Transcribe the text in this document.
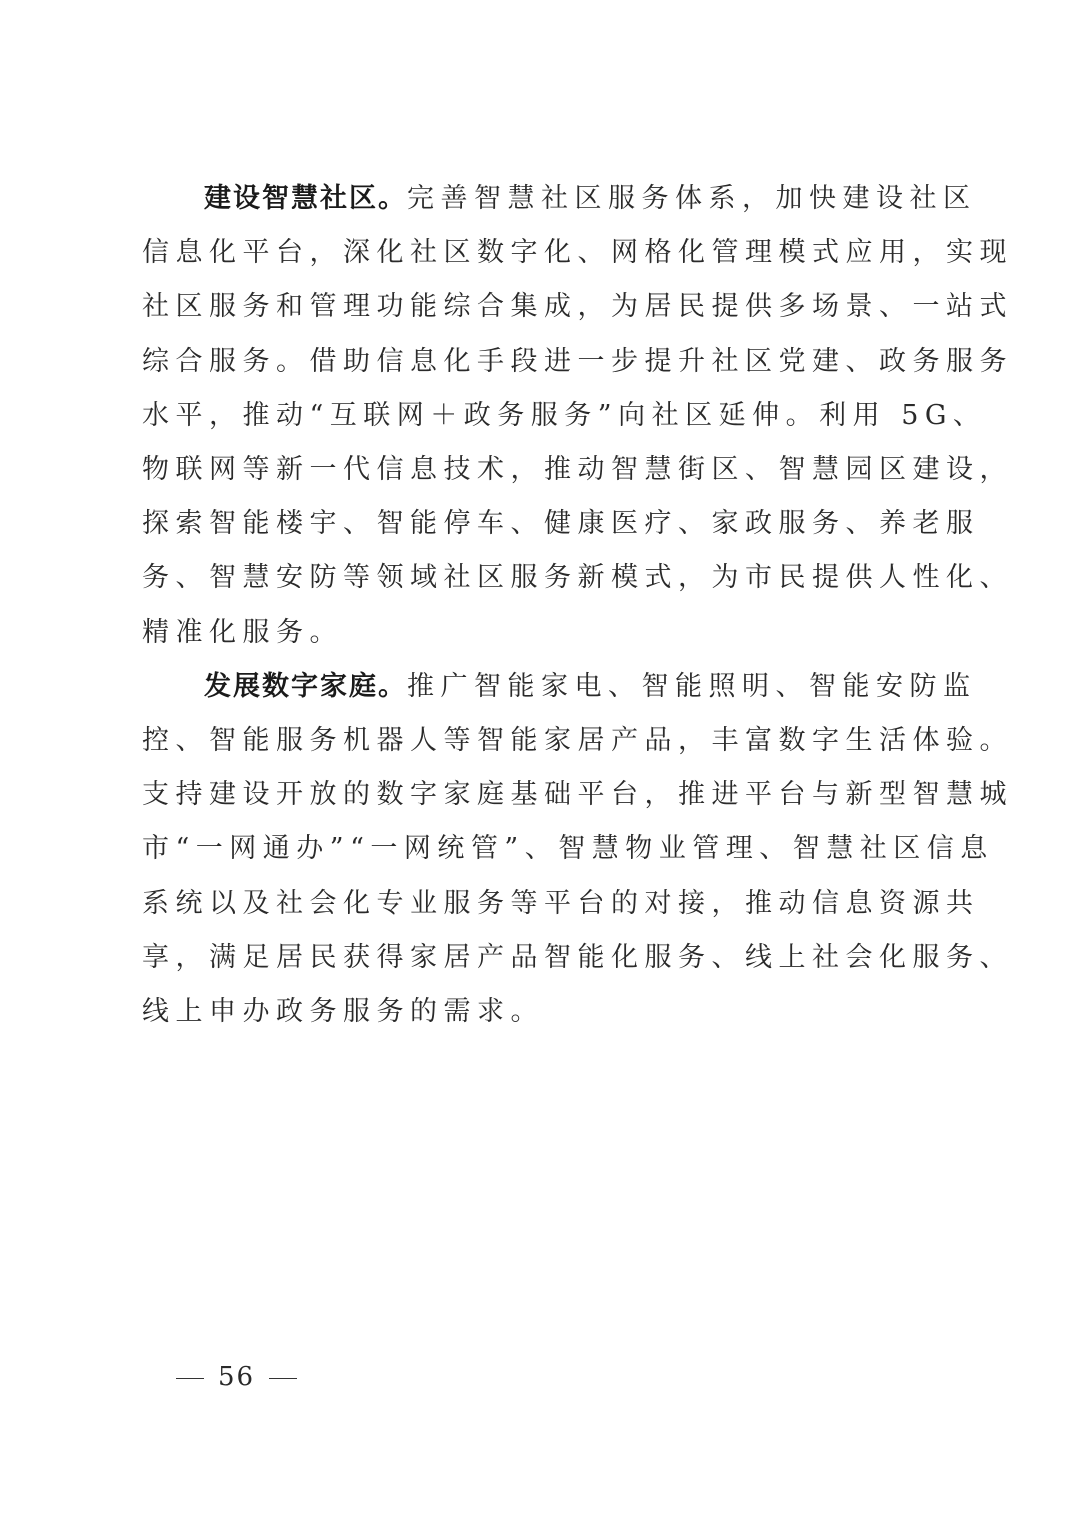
建设智慧社区。完善智慧社区服务体系，加快建设社区
信息化平台，深化社区数字化、网格化管理模式应用，实现
社区服务和管理功能综合集成，为居民提供多场景、一站式
综合服务。借助信息化手段进一步提升社区党建、政务服务
水平，推动“互联网＋政务服务”向社区延伸。利用 5G、
物联网等新一代信息技术，推动智慧街区、智慧园区建设，
探索智能楼宇、智能停车、健康医疗、家政服务、养老服
务、智慧安防等领域社区服务新模式，为市民提供人性化、
精准化服务。
发展数字家庭。推广智能家电、智能照明、智能安防监
控、智能服务机器人等智能家居产品，丰富数字生活体验。
支持建设开放的数字家庭基础平台，推进平台与新型智慧城
市“一网通办”“一网统管”、智慧物业管理、智慧社区信息
系统以及社会化专业服务等平台的对接，推动信息资源共
享，满足居民获得家居产品智能化服务、线上社会化服务、
线上申办政务服务的需求。
56
